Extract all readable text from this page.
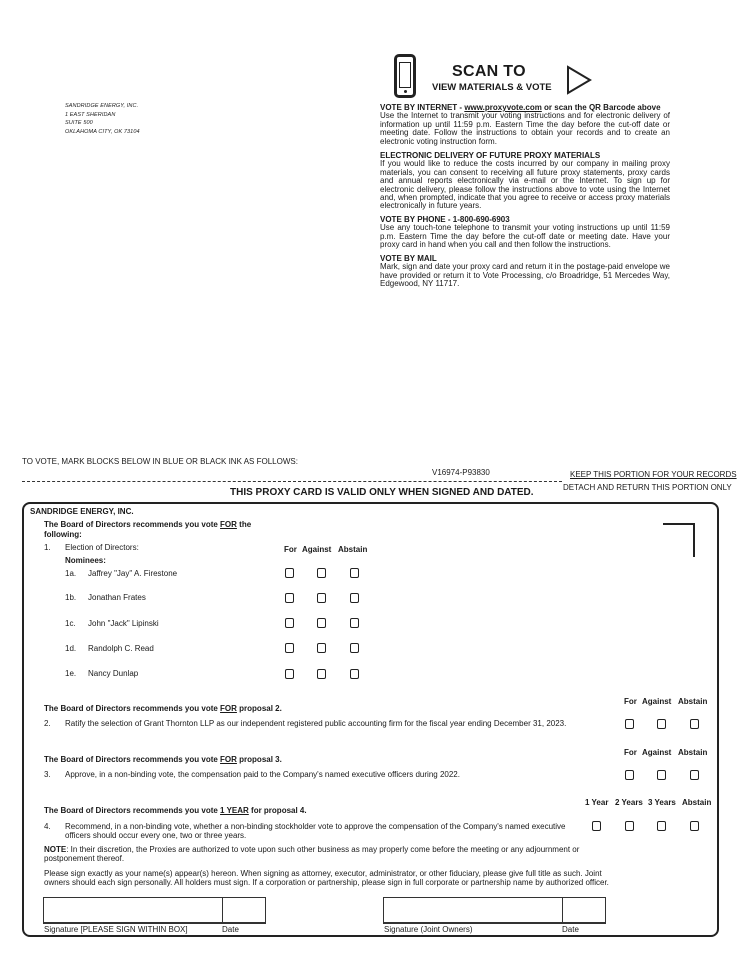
SANDRIDGE ENERGY, INC.
1 EAST SHERIDAN
SUITE 500
OKLAHOMA CITY, OK 73104
SCAN TO
VIEW MATERIALS & VOTE
VOTE BY INTERNET - www.proxyvote.com or scan the QR Barcode above
Use the Internet to transmit your voting instructions and for electronic delivery of information up until 11:59 p.m. Eastern Time the day before the cut-off date or meeting date. Follow the instructions to obtain your records and to create an electronic voting instruction form.
ELECTRONIC DELIVERY OF FUTURE PROXY MATERIALS
If you would like to reduce the costs incurred by our company in mailing proxy materials, you can consent to receiving all future proxy statements, proxy cards and annual reports electronically via e-mail or the Internet. To sign up for electronic delivery, please follow the instructions above to vote using the Internet and, when prompted, indicate that you agree to receive or access proxy materials electronically in future years.
VOTE BY PHONE - 1-800-690-6903
Use any touch-tone telephone to transmit your voting instructions up until 11:59 p.m. Eastern Time the day before the cut-off date or meeting date. Have your proxy card in hand when you call and then follow the instructions.
VOTE BY MAIL
Mark, sign and date your proxy card and return it in the postage-paid envelope we have provided or return it to Vote Processing, c/o Broadridge, 51 Mercedes Way, Edgewood, NY 11717.
TO VOTE, MARK BLOCKS BELOW IN BLUE OR BLACK INK AS FOLLOWS:
V16974-P93830	KEEP THIS PORTION FOR YOUR RECORDS
DETACH AND RETURN THIS PORTION ONLY
THIS PROXY CARD IS VALID ONLY WHEN SIGNED AND DATED.
SANDRIDGE ENERGY, INC.
The Board of Directors recommends you vote FOR the
following:
1. Election of Directors:
Nominees:
For Against Abstain
1a. Jaffrey "Jay" A. Firestone
1b. Jonathan Frates
1c. John "Jack" Lipinski
1d. Randolph C. Read
1e. Nancy Dunlap
For Against Abstain
The Board of Directors recommends you vote FOR proposal 2.
2. Ratify the selection of Grant Thornton LLP as our independent registered public accounting firm for the fiscal year ending December 31, 2023.
For Against Abstain
The Board of Directors recommends you vote FOR proposal 3.
3. Approve, in a non-binding vote, the compensation paid to the Company's named executive officers during 2022.
1 Year 2 Years 3 Years Abstain
The Board of Directors recommends you vote 1 YEAR for proposal 4.
4. Recommend, in a non-binding vote, whether a non-binding stockholder vote to approve the compensation of the Company's named executive
officers should occur every one, two or three years.
NOTE: In their discretion, the Proxies are authorized to vote upon such other business as may properly come before the meeting or any adjournment or postponement thereof.
Please sign exactly as your name(s) appear(s) hereon. When signing as attorney, executor, administrator, or other fiduciary, please give full title as such. Joint owners should each sign personally. All holders must sign. If a corporation or partnership, please sign in full corporate or partnership name by authorized officer.
Signature [PLEASE SIGN WITHIN BOX]	Date	Signature (Joint Owners)	Date
